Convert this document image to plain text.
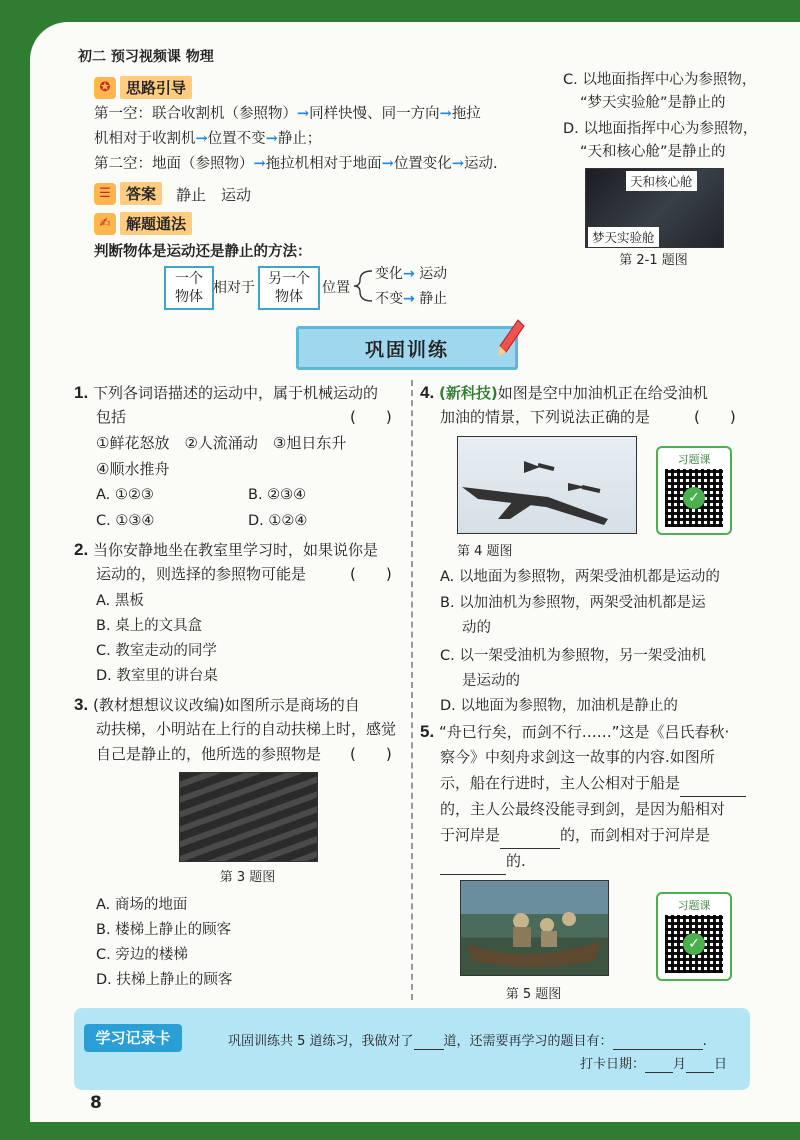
初二 预习视频课 物理
✪	思路引导
第一空：联合收割机（参照物）→同样快慢、同一方向→拖拉
机相对于收割机→位置不变→静止；
第二空：地面（参照物）→拖拉机相对于地面→位置变化→运动.
☰	答案	静止　运动
✍	解题通法
判断物体是运动还是静止的方法：
一个
物体
相对于
另一个
物体
位置
变化→ 运动
不变→ 静止
C. 以地面指挥中心为参照物，
“梦天实验舱”是静止的
D. 以地面指挥中心为参照物，
“天和核心舱”是静止的
天和核心舱
梦天实验舱
第 2-1 题图
巩固训练
1. 下列各词语描述的运动中，属于机械运动的
包括	(　　)
①鲜花怒放　②人流涌动　③旭日东升
④顺水推舟
A. ①②③	B. ②③④
C. ①③④	D. ①②④
2. 当你安静地坐在教室里学习时，如果说你是
运动的，则选择的参照物可能是	(　　)
A. 黑板
B. 桌上的文具盒
C. 教室走动的同学
D. 教室里的讲台桌
3. (教材想想议议改编)如图所示是商场的自
动扶梯，小明站在上行的自动扶梯上时，感觉
自己是静止的，他所选的参照物是 (　　)
第 3 题图
A. 商场的地面
B. 楼梯上静止的顾客
C. 旁边的楼梯
D. 扶梯上静止的顾客
4. (新科技)如图是空中加油机正在给受油机
加油的情景，下列说法正确的是	(　　)
第 4 题图
习题课
✓
A. 以地面为参照物，两架受油机都是运动的
B. 以加油机为参照物，两架受油机都是运
动的
C. 以一架受油机为参照物，另一架受油机
是运动的
D. 以地面为参照物，加油机是静止的
5. “舟已行矣，而剑不行……”这是《吕氏春秋·
察今》中刻舟求剑这一故事的内容.如图所
示，船在行进时，主人公相对于船是
的，主人公最终没能寻到剑，是因为船相对
于河岸是	的，而剑相对于河岸是
的.
第 5 题图
习题课
✓
学习记录卡	巩固训练共 5 道练习，我做对了 道，还需要再学习的题目有：	.
打卡日期： 月 日
8
